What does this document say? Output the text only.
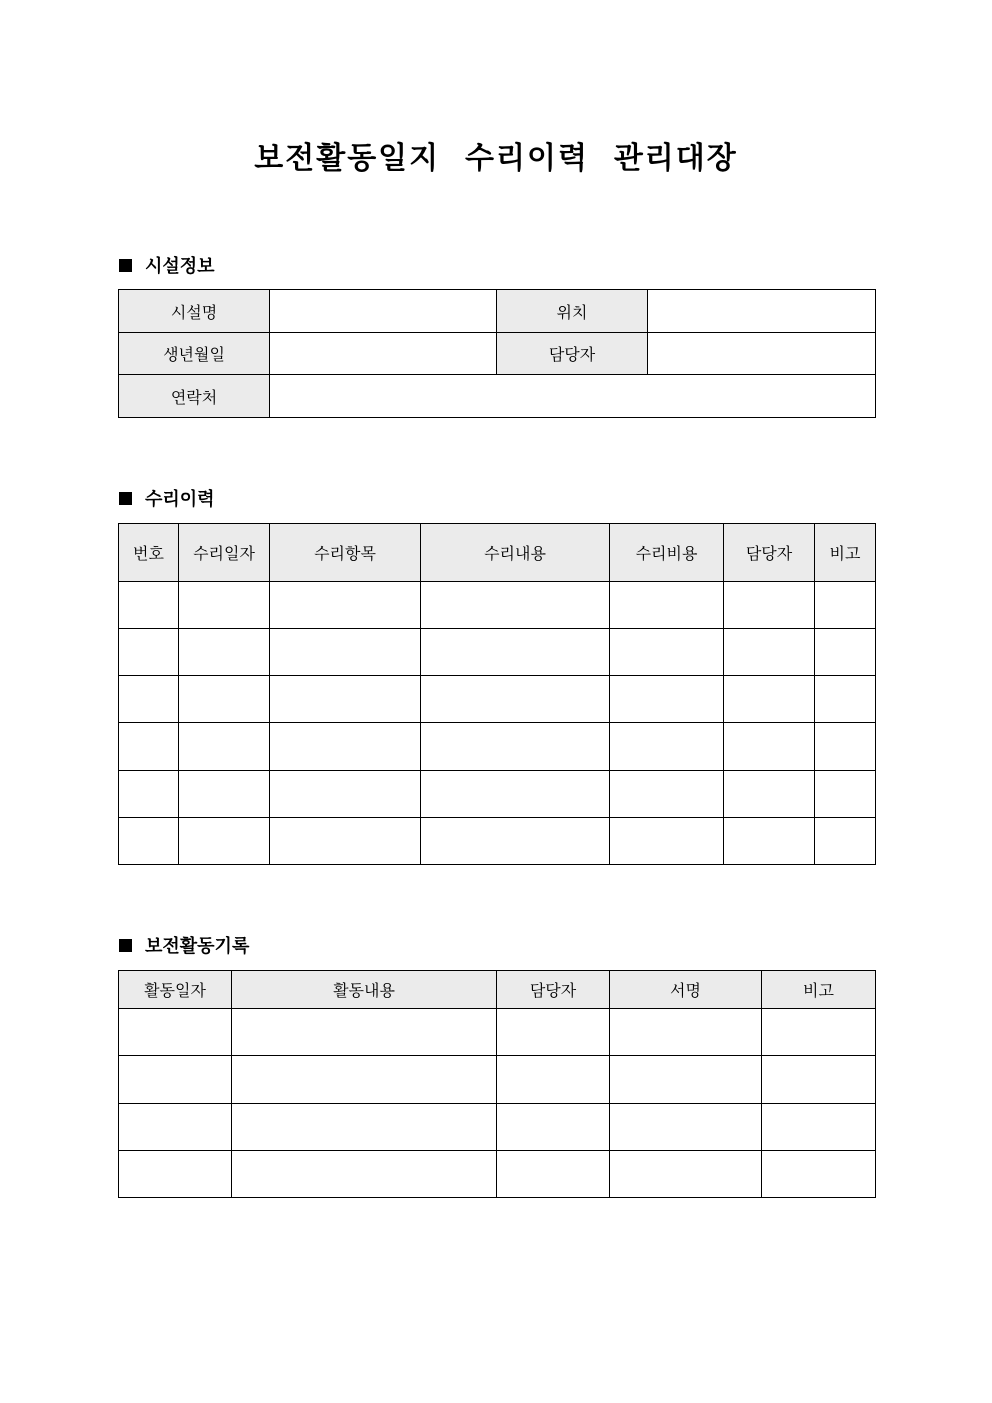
보전활동일지  수리이력  관리대장
시설정보
시설명		위치	
생년월일		담당자	
연락처			
수리이력
번호	수리일자	수리항목	수리내용	수리비용	담당자	비고

보전활동기록
활동일자	활동내용	담당자	서명	비고
